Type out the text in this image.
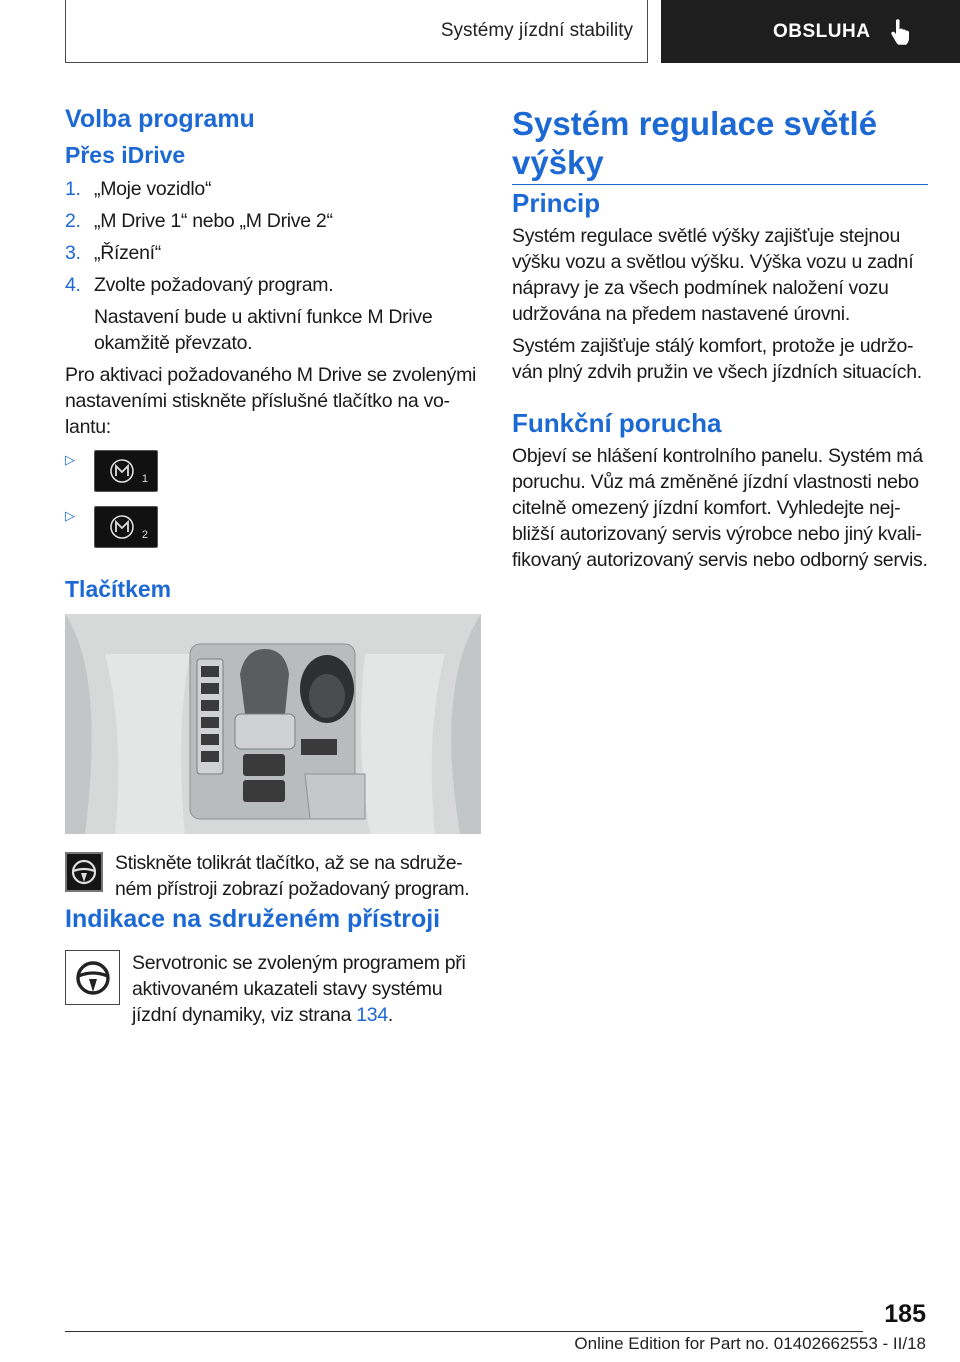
Systémy jízdní stability	OBSLUHA
Volba programu
Přes iDrive
1. „Moje vozidlo“
2. „M Drive 1“ nebo „M Drive 2“
3. „Řízení“
4. Zvolte požadovaný program.
Nastavení bude u aktivní funkce M Drive okamžitě převzato.

Pro aktivaci požadovaného M Drive se zvolenými nastaveními stiskněte příslušné tlačítko na vo-lantu:

▷
1
▷
2
Tlačítkem
Stiskněte tolikrát tlačítko, až se na sdruže-ném přístroji zobrazí požadovaný program.
Indikace na sdruženém přístroji
Servotronic se zvoleným programem při aktivovaném ukazateli stavy systému jízdní dynamiky, viz strana 134.
Systém regulace světlé výšky
Princip

Systém regulace světlé výšky zajišťuje stejnou výšku vozu a světlou výšku. Výška vozu u zadní nápravy je za všech podmínek naložení vozu udržována na předem nastavené úrovni.

Systém zajišťuje stálý komfort, protože je udržo-ván plný zdvih pružin ve všech jízdních situacích.

Funkční porucha

Objeví se hlášení kontrolního panelu. Systém má poruchu. Vůz má změněné jízdní vlastnosti nebo citelně omezený jízdní komfort. Vyhledejte nej-bližší autorizovaný servis výrobce nebo jiný kvali-fikovaný autorizovaný servis nebo odborný servis.

185
Online Edition for Part no. 01402662553 - II/18
